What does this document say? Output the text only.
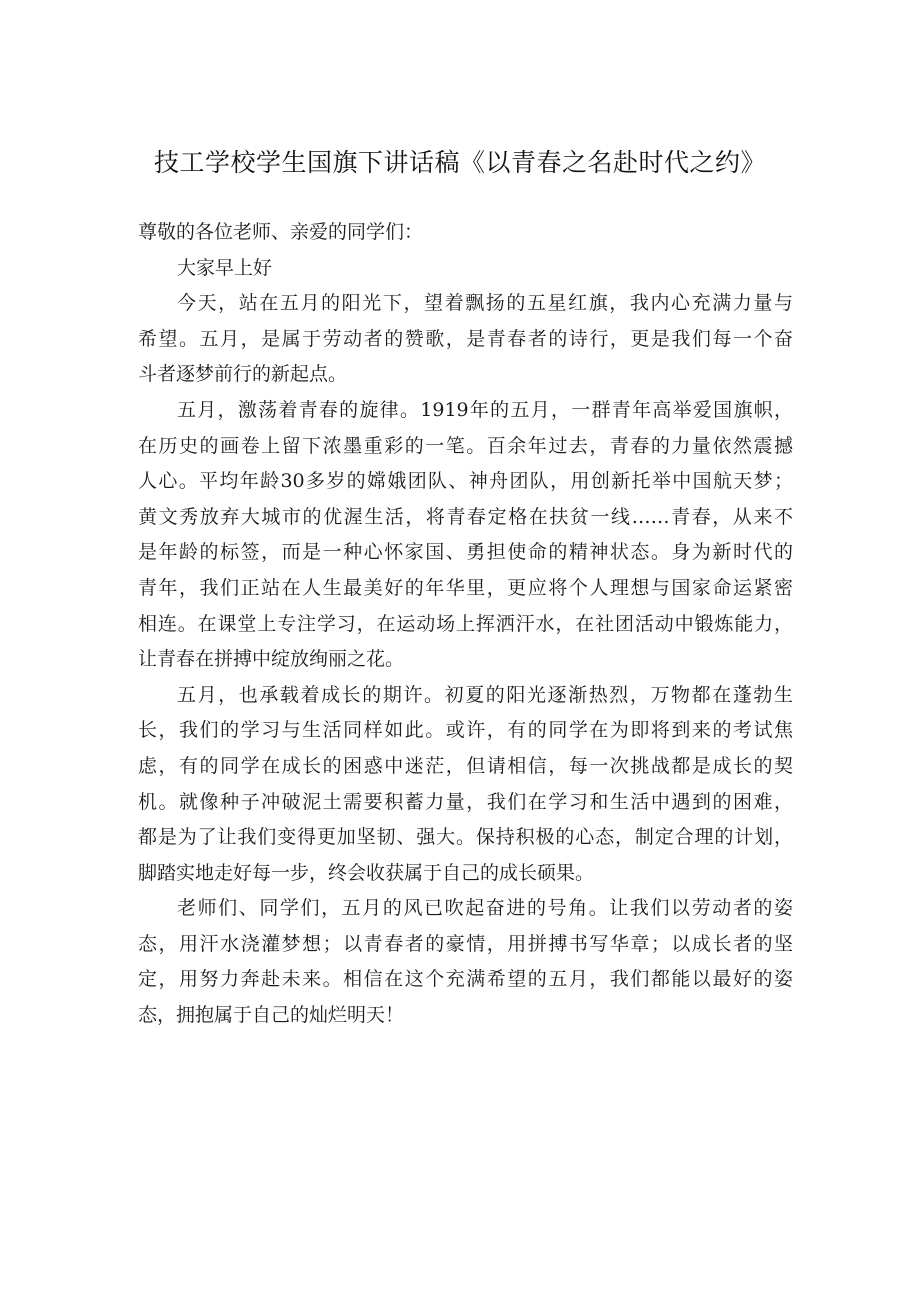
技工学校学生国旗下讲话稿《以青春之名赴时代之约》
尊敬的各位老师、亲爱的同学们：
大家早上好
今天，站在五月的阳光下，望着飘扬的五星红旗，我内心充满力量与
希望。五月，是属于劳动者的赞歌，是青春者的诗行，更是我们每一个奋
斗者逐梦前行的新起点。
五月，激荡着青春的旋律。1919年的五月，一群青年高举爱国旗帜，
在历史的画卷上留下浓墨重彩的一笔。百余年过去，青春的力量依然震撼
人心。平均年龄30多岁的嫦娥团队、神舟团队，用创新托举中国航天梦；
黄文秀放弃大城市的优渥生活，将青春定格在扶贫一线……青春，从来不
是年龄的标签，而是一种心怀家国、勇担使命的精神状态。身为新时代的
青年，我们正站在人生最美好的年华里，更应将个人理想与国家命运紧密
相连。在课堂上专注学习，在运动场上挥洒汗水，在社团活动中锻炼能力，
让青春在拼搏中绽放绚丽之花。
五月，也承载着成长的期许。初夏的阳光逐渐热烈，万物都在蓬勃生
长，我们的学习与生活同样如此。或许，有的同学在为即将到来的考试焦
虑，有的同学在成长的困惑中迷茫，但请相信，每一次挑战都是成长的契
机。就像种子冲破泥土需要积蓄力量，我们在学习和生活中遇到的困难，
都是为了让我们变得更加坚韧、强大。保持积极的心态，制定合理的计划，
脚踏实地走好每一步，终会收获属于自己的成长硕果。
老师们、同学们，五月的风已吹起奋进的号角。让我们以劳动者的姿
态，用汗水浇灌梦想；以青春者的豪情，用拼搏书写华章；以成长者的坚
定，用努力奔赴未来。相信在这个充满希望的五月，我们都能以最好的姿
态，拥抱属于自己的灿烂明天！
